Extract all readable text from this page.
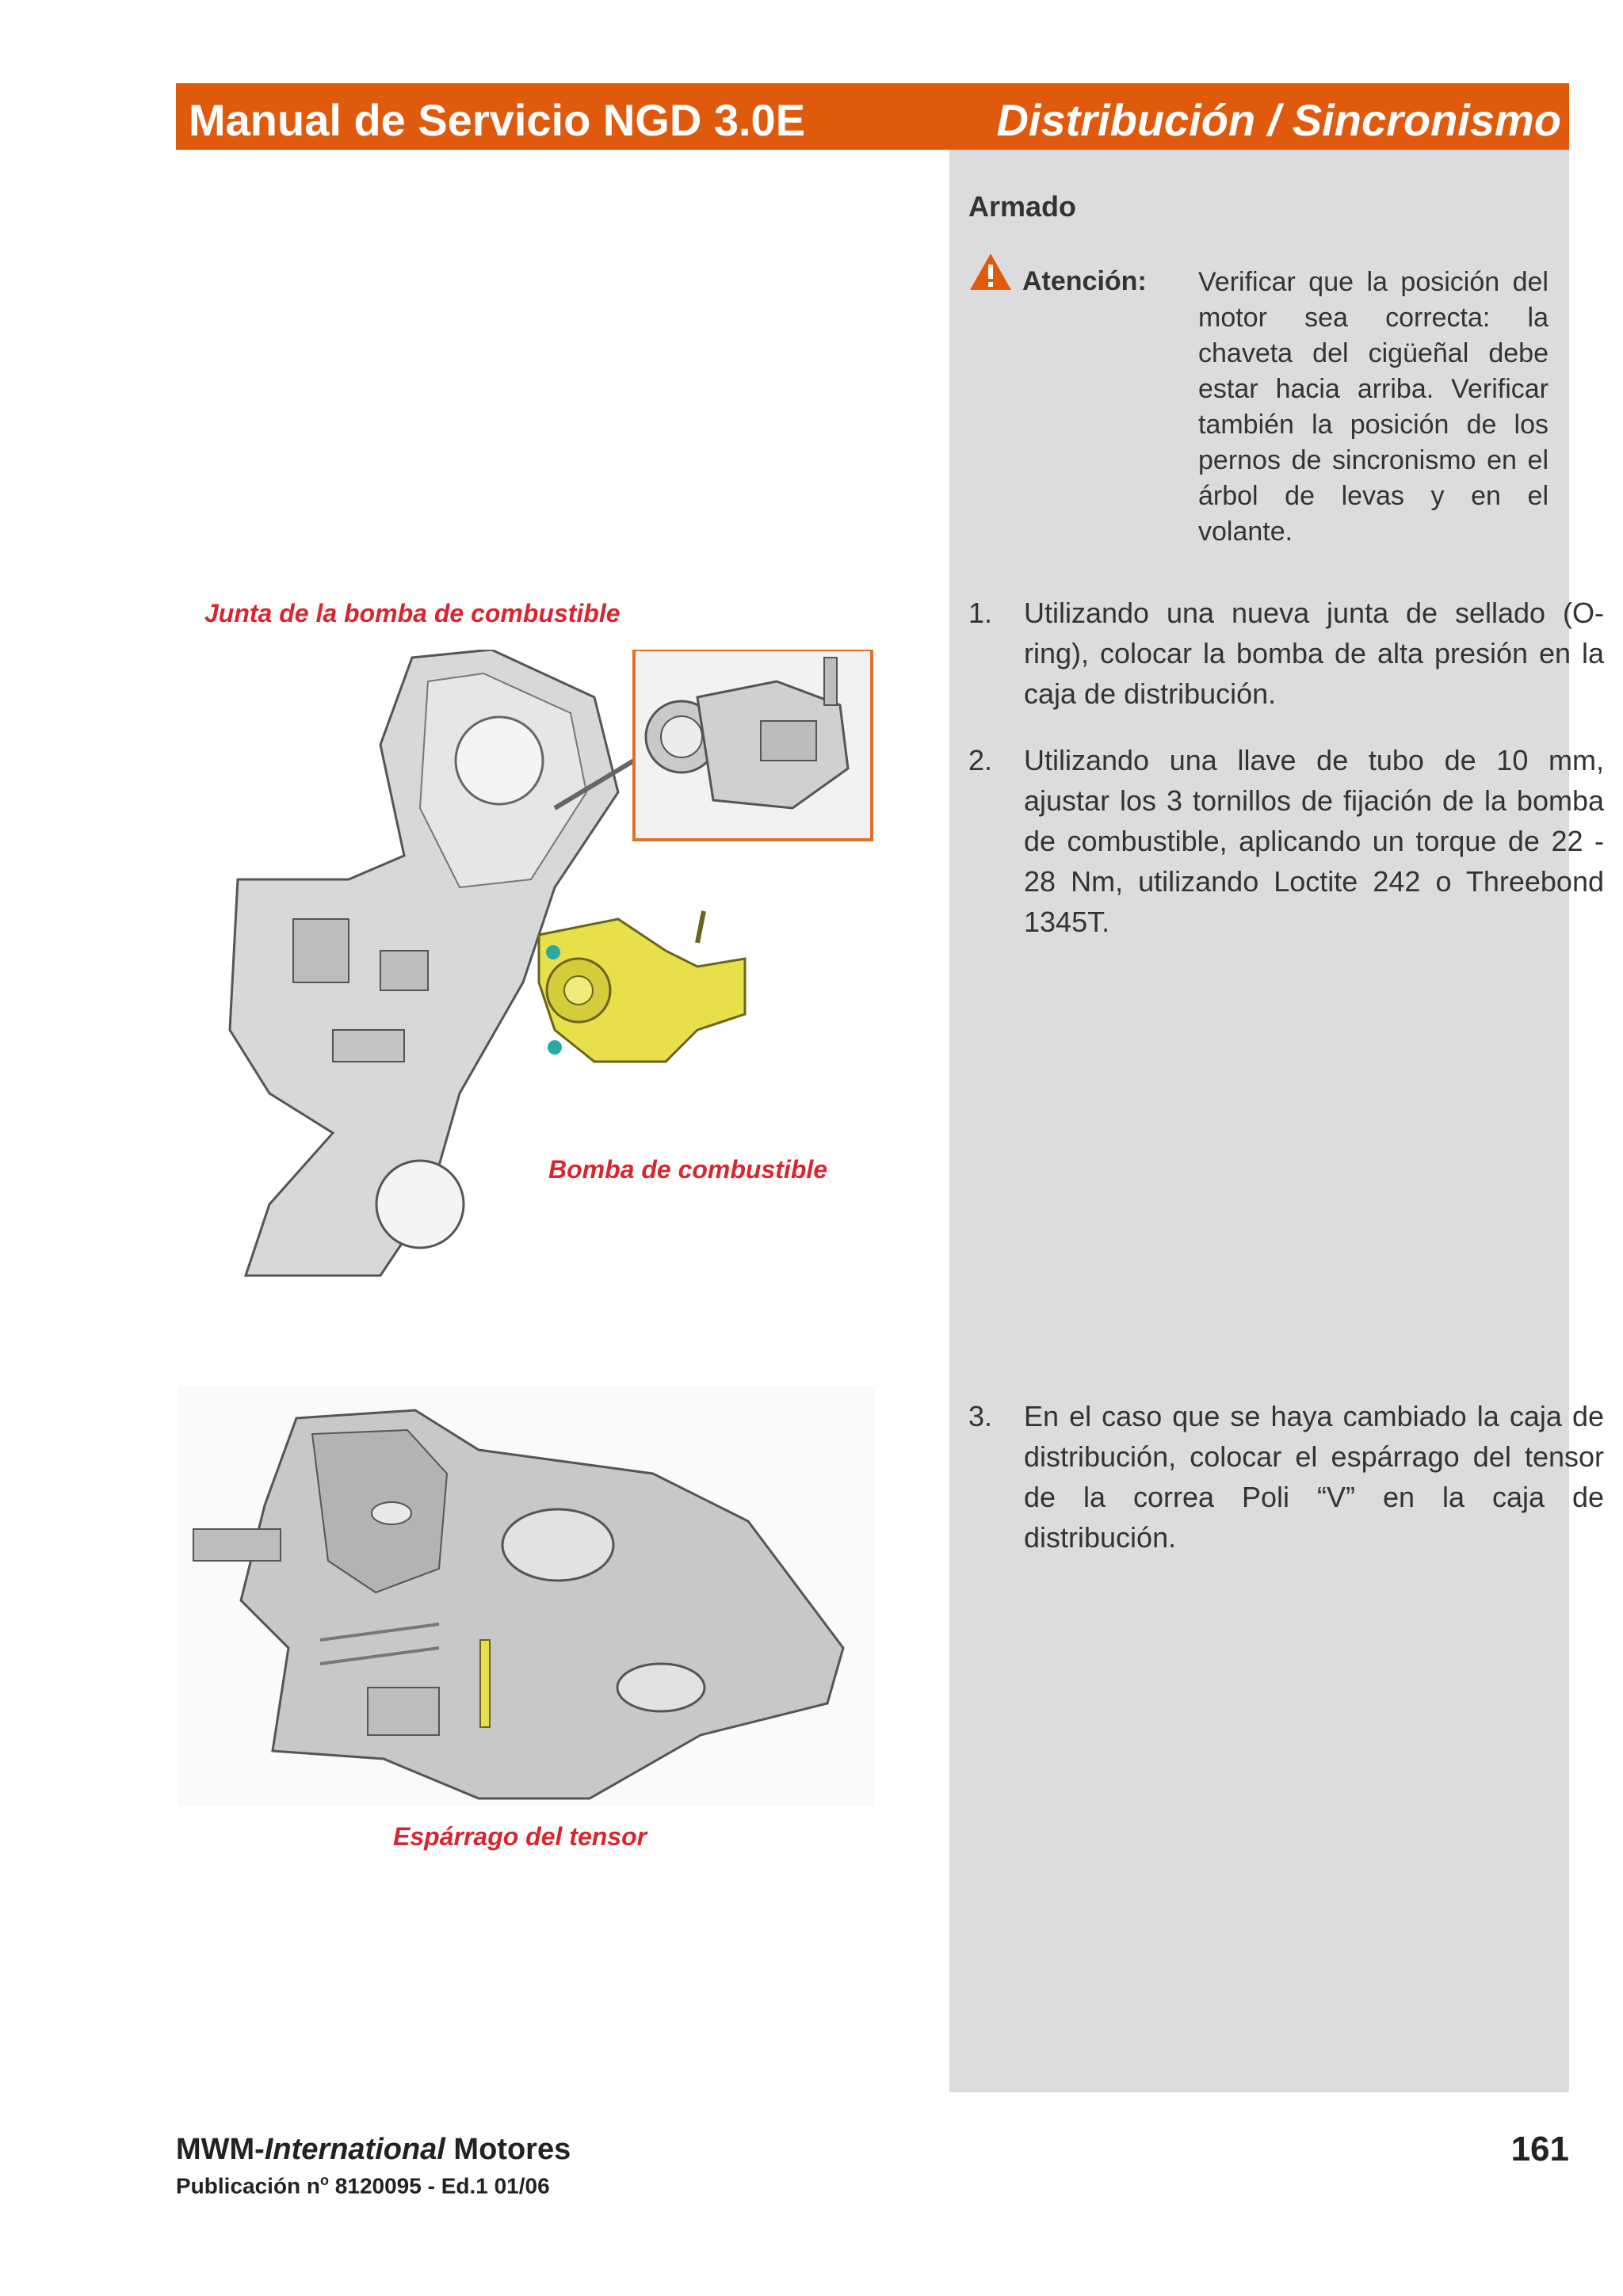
Manual de Servicio NGD 3.0E	Distribución / Sincronismo
Armado
Atención: Verificar que la posición del motor sea correcta: la chaveta del cigüeñal debe estar hacia arriba. Verificar también la posición de los pernos de sincronismo en el árbol de levas y en el volante.
1. Utilizando una nueva junta de sellado (O-ring), colocar la bomba de alta presión en la caja de distribución.
2. Utilizando una llave de tubo de 10 mm, ajustar los 3 tornillos de fijación de la bomba de combustible, aplicando un torque de 22 - 28 Nm, utilizando Loctite 242 o Threebond 1345T.
3. En el caso que se haya cambiado la caja de distribución, colocar el espárrago del tensor de la correa Poli “V” en la caja de distribución.
Junta de la bomba de combustible
Bomba de combustible
Espárrago del tensor
MWM-International Motores
Publicación $n^o$ 8120095 - Ed.1 01/06
161
